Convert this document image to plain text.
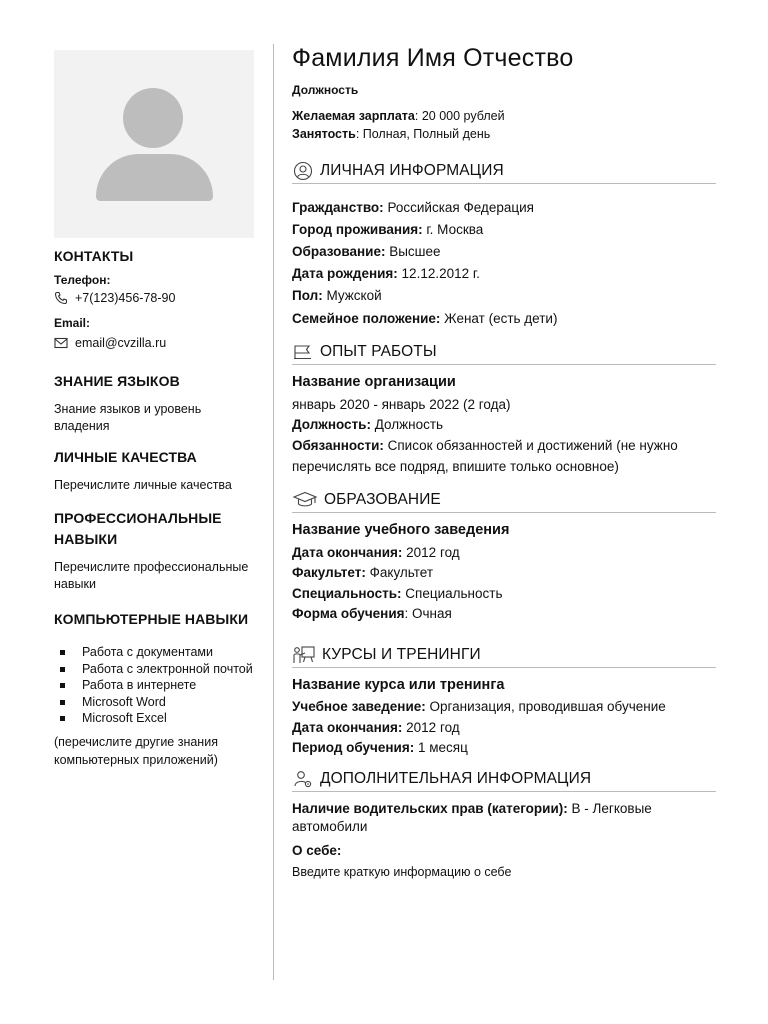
КОНТАКТЫ
Телефон:
+7(123)456-78-90
Email:
email@cvzilla.ru
ЗНАНИЕ ЯЗЫКОВ
Знание языков и уровень
владения
ЛИЧНЫЕ КАЧЕСТВА
Перечислите личные качества
ПРОФЕССИОНАЛЬНЫЕ
НАВЫКИ
Перечислите профессиональные
навыки
КОМПЬЮТЕРНЫЕ НАВЫКИ
Работа с документами
Работа с электронной почтой
Работа в интернете
Microsoft Word
Microsoft Excel
(перечислите другие знания
компьютерных приложений)
Фамилия Имя Отчество
Должность
Желаемая зарплата: 20 000 рублей
Занятость: Полная, Полный день
ЛИЧНАЯ ИНФОРМАЦИЯ
Гражданство: Российская Федерация
Город проживания: г. Москва
Образование: Высшее
Дата рождения: 12.12.2012 г.
Пол: Мужской
Семейное положение: Женат (есть дети)
ОПЫТ РАБОТЫ
Название организации
январь 2020 - январь 2022 (2 года)
Должность: Должность
Обязанности: Список обязанностей и достижений (не нужно
перечислять все подряд, впишите только основное)
ОБРАЗОВАНИЕ
Название учебного заведения
Дата окончания: 2012 год
Факультет: Факультет
Специальность: Специальность
Форма обучения: Очная
КУРСЫ И ТРЕНИНГИ
Название курса или тренинга
Учебное заведение: Организация, проводившая обучение
Дата окончания: 2012 год
Период обучения: 1 месяц
ДОПОЛНИТЕЛЬНАЯ ИНФОРМАЦИЯ
Наличие водительских прав (категории): В - Легковые
автомобили
О себе:
Введите краткую информацию о себе
